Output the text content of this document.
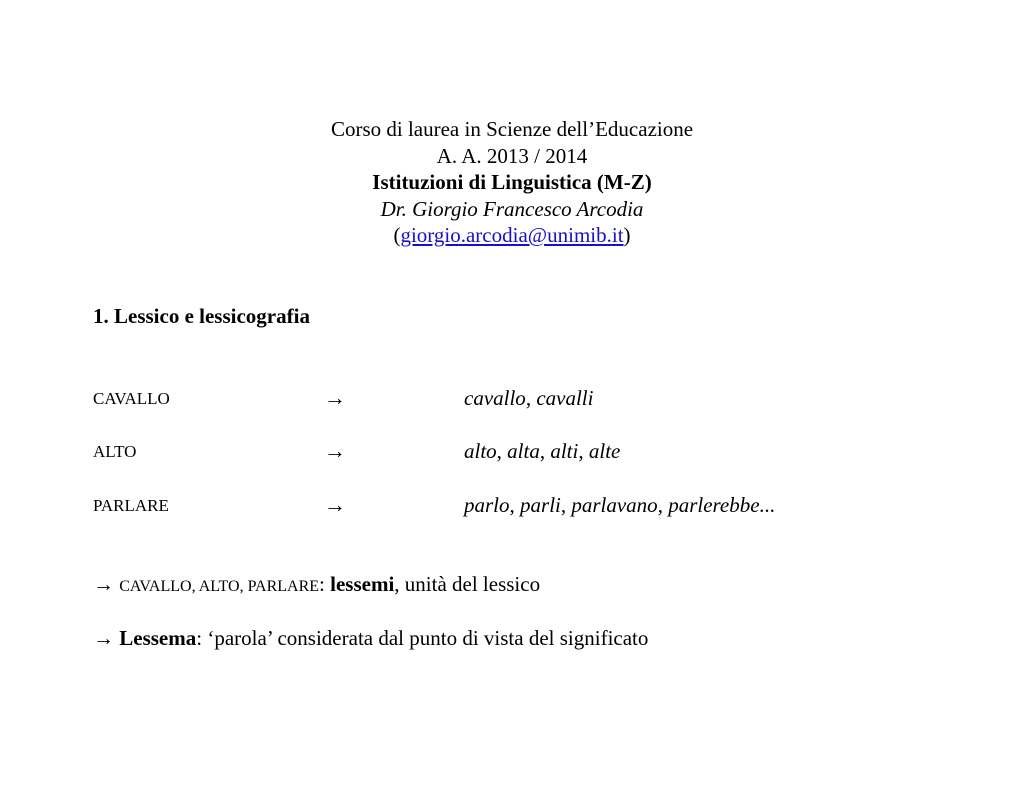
Corso di laurea in Scienze dell’Educazione
A. A. 2013 / 2014
Istituzioni di Linguistica (M-Z)
Dr. Giorgio Francesco Arcodia
(giorgio.arcodia@unimib.it)
1. Lessico e lessicografia
CAVALLO	→	cavallo, cavalli
ALTO	→	alto, alta, alti, alte
PARLARE	→	parlo, parli, parlavano, parlerebbe...
→ CAVALLO, ALTO, PARLARE: lessemi, unità del lessico
→ Lessema: ‘parola’ considerata dal punto di vista del significato
